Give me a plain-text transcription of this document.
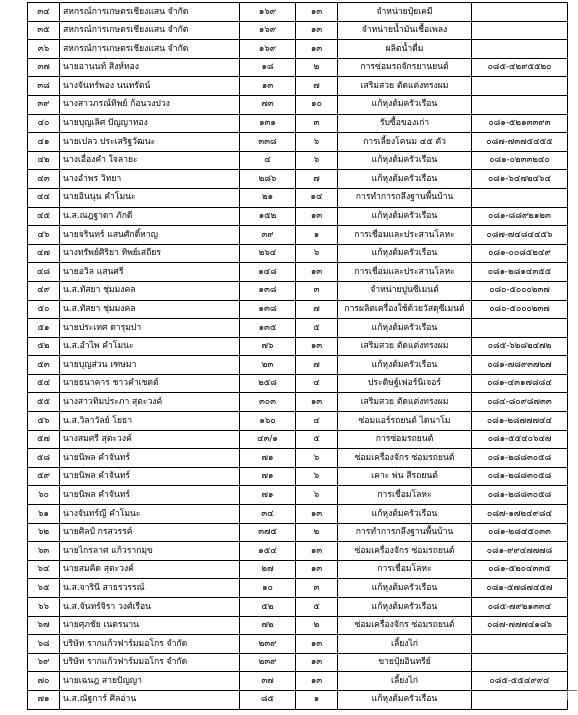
๓๔	สหกรณ์การเกษตรเชียงแสน จำกัด	๑๖๙	๑๓	จำหน่ายปุ๋ยเคมี	
๓๕	สหกรณ์การเกษตรเชียงแสน จำกัด	๑๖๙	๑๓	จำหน่ายน้ำมันเชื้อเพลง	
๓๖	สหกรณ์การเกษตรเชียงแสน จำกัด	๑๖๙	๑๓	ผลิตน้ำดื่ม	
๓๗	นายอานนท์ สิงห์ทอง	๑๘	๒	การซ่อมรถจักรยานยนต์	๐๘๕-๔๒๙๕๕๒๐
๓๘	นางจันทร์พอง นนทรัตน์	๑๓	๗	เสริมสวย ตัดแต่งทรงผม	
๓๙	นางสาวภรณ์ทิพย์ ก้อนวงปวง	๗๓	๑๐	แก้หุงต้มครัวเรือน	
๔๐	นายบุญเลิศ ปัญญาทอง	๑๓๑	๓	รับซื้อของเก่า	๐๘๑-๕๒๑๓๓๙๓
๔๑	นายเปลว ประเสริฐวัฒนะ	๓๓๘	๖	การเลี้ยงโคนม ๔๕ ตัว	๐๘๗-๗๓๗๕๔๕๕
๔๒	นางเอื่องคำ ใจลายะ	๔	๖	แก้หุงต้มครัวเรือน	๐๘๑-๐๒๓๓๒๔๐
๔๓	นางอำพร วิทยา	๒๘๖	๗	แก้หุงต้มครัวเรือน	๐๘๑-๖๔๗๒๔๖๔
๔๔	นายอินนุน คำโมนะ	๒๑	๑๔	การทำการกลึงฐานพื้นบ้าน	
๔๕	น.ส.ณฎฐาดา ภักดี	๑๕๒	๑๓	แก้หุงต้มครัวเรือน	๐๘๑-๘๘๙๒๑๒๓
๔๖	นายจรินทร์ แสนศักดิ์หาญ	๓๙	๑	การเชื่อมและประสานโลหะ	๐๘๗-๗๔๘๔๔๕๖
๔๗	นางทรัพย์ศิริยา ทิพย์เสถียร	๒๖๔	๖	แก้หุงต้มครัวเรือน	๐๘๑-๐๐๘๕๒๔๙
๔๘	นายอวิล แสนศรี	๑๔๘	๑๓	การเชื่อมและประสานโลหะ	๐๘๑-๒๘๑๔๓๕๕
๔๙	น.ส.ทัสยา ชุ่มมงคล	๑๓๘	๓	จำหน่ายปูนซีเมนต์	๐๘๐-๕๐๐๐๒๓๗
๕๐	น.ส.ทัสยา ชุ่มมงคล	๑๓๘	๗	การผลิตเครื่องใช้ด้วยวัสดุซีเมนต์	๐๘๐-๕๐๐๐๒๓๗
๕๑	นายประเทศ ดารุมปา	๑๓๕	๕	แก้หุงต้มครัวเรือน	
๕๒	น.ส.อำไพ คำโมนะ	๗๖	๑๓	เสริมสวย ตัดแต่งทรงผม	๐๘๕-๖๒๘๒๔๗๒
๕๓	นายบุญส่วน เฑษมา	๒๓	๗	แก้หุงต้มครัวเรือน	๐๘๑-๗๘๙๓๗๒๗
๕๔	นายธนาคาร ชาวคำเชตต์	๒๕๘	๔	ประดิษฐ์เฟอร์นิเจอร์	๐๘๑-๔๓๑๗๘๘๔
๕๕	นางสาวทิมประภา สุตะวงค์	๓๐๓	๑๓	เสริมสวย ตัดแต่งทรงผม	๐๘๔-๘๐๙๘๗๓๓
๕๖	น.ส.วิลาวัลย์ โยธา	๑๖๐	๔	ซ่อมแอร์รถยนต์ ไดนาโม	๐๘๑-๒๘๗๗๗๔๔
๕๗	นางสมศรี สุตะวงค์	๔๓/๑	๕	การซ่อมรถยนต์	๐๘๑-๕๕๔๐๖๔๗
๕๘	นายนิพล คำจันทร์	๗๑	๖	ซ่อมเครื่องจักร ซ่อมรถยนต์	๐๘๑-๒๘๘๓๐๕๘
๕๙	นายนิพล คำจันทร์	๗๑	๖	เคาะ พ่น สีรถยนต์	๐๘๑-๒๘๘๓๐๕๘
๖๐	นายนิพล คำจันทร์	๗๑	๖	การเชื่อมโลหะ	๐๘๑-๒๘๘๓๐๕๘
๖๑	นางจันทร์ญี คำโมนะ	๓๔	๑๓	แก้หุงต้มครัวเรือน	๐๘๗-๑๗๒๔๙๘๔
๖๒	นายศิลป์ กรสวรรค์	๓๗๕	๒	การทำการกลึงฐานพื้นบ้าน	๐๘๑-๒๘๔๕๐๓๓
๖๓	นายไกรลาศ แก้วรากมุข	๑๕๔	๑๓	ซ่อมเครื่องจักร ซ่อมรถยนต์	๐๘๑-๙๙๔๗๗๗๘
๖๔	นายสมคิด สุตะวงค์	๒๗	๑๓	การเชื่อมโลหะ	๐๘๑-๕๒๐๔๓๓๕
๖๕	น.ส.จารินี สาธรวรรณ์	๑๐	๓	แก้หุงต้มครัวเรือน	๐๘๑-๕๗๘๗๔๕๗
๖๖	น.ส.จันทร์จิรา วงศ์เรือน	๕๒	๕	แก้หุงต้มครัวเรือน	๐๘๕-๗๙๒๑๓๓๔
๖๗	นายศุภชัย เนตรนาน	๗๒	๒	ซ่อมเครื่องจักร ซ่อมรถยนต์	๐๘๗-๗๗๗๔๑๘๖
๖๘	บริษัท รากแก้วฟาร์มมอโกร จำกัด	๒๓๙	๑๓	เลี้ยงไก่	
๖๙	บริษัท รากแก้วฟาร์มมอโกร จำกัด	๒๓๙	๑๓	ขายปุ๋ยอินทรีย์	
๗๐	นายเฉนฎ สายปัญญา	๓๗	๑๓	เลี้ยงไก่	๐๘๕-๕๕๔๙๙๔
๗๑	น.ส.ณัฐการ์ ศิลอ่าน	๘๕	๑	แก้หุงต้มครัวเรือน	
